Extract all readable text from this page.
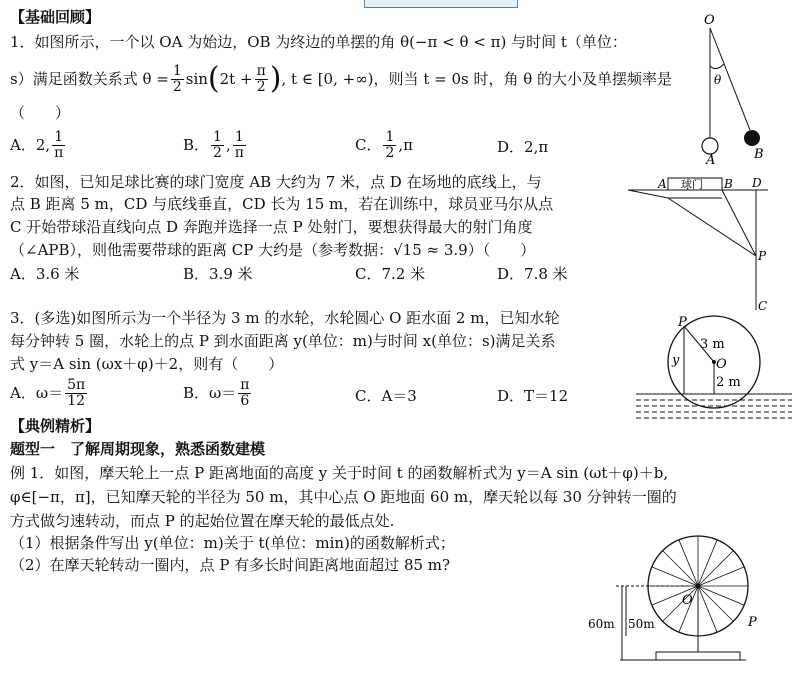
【基础回顾】
1．如图所示，一个以 OA 为始边，OB 为终边的单摆的角 θ(−π < θ < π) 与时间 t（单位：
s）满足函数关系式 $\theta = \frac{1}{2}$ sin ( $2t + \frac{\pi}{2}$ ) , t ∈ [0, +∞) ，则当 t = 0s 时，角 θ 的大小及单摆频率是
（　　）
A．2, $\frac{1}{\pi}$	B． $\frac{1}{2}$ , $\frac{1}{\pi}$	C． $\frac{1}{2} ,\pi$	D．2,π
2．如图，已知足球比赛的球门宽度 AB 大约为 7 米，点 D 在场地的底线上，与
点 B 距离 5 m，CD 与底线垂直，CD 长为 15 m，若在训练中，球员亚马尔从点
C 开始带球沿直线向点 D 奔跑并选择一点 P 处射门，要想获得最大的射门角度
（∠APB），则他需要带球的距离 CP 大约是（参考数据：√15 ≈ 3.9）（　　）
A．3.6 米	B．3.9 米	C．7.2 米	D．7.8 米
3．(多选)如图所示为一个半径为 3 m 的水轮，水轮圆心 O 距水面 2 m，已知水轮
每分钟转 5 圈，水轮上的点 P 到水面距离 y(单位：m)与时间 x(单位：s)满足关系
式 y＝A sin (ωx＋φ)＋2，则有（　　）
A．$\omega= \frac{5\pi}{12}$	B．$\omega= \frac{\pi}{6}$	C．A＝3	D．T＝12
【典例精析】
题型一　了解周期现象，熟悉函数建模
例 1．如图，摩天轮上一点 P 距离地面的高度 y 关于时间 t 的函数解析式为 y＝A sin (ωt＋φ)＋b,
φ∈[−π，π]，已知摩天轮的半径为 50 m，其中心点 O 距地面 60 m，摩天轮以每 30 分钟转一圈的
方式做匀速转动，而点 P 的起始位置在摩天轮的最低点处.
（1）根据条件写出 y(单位：m)关于 t(单位：min)的函数解析式；
（2）在摩天轮转动一圈内，点 P 有多长时间距离地面超过 85 m?
O
θ
A	B
A 球门 B D
P
C
P
3 m
O
y
2 m
60m 50m
O
P
